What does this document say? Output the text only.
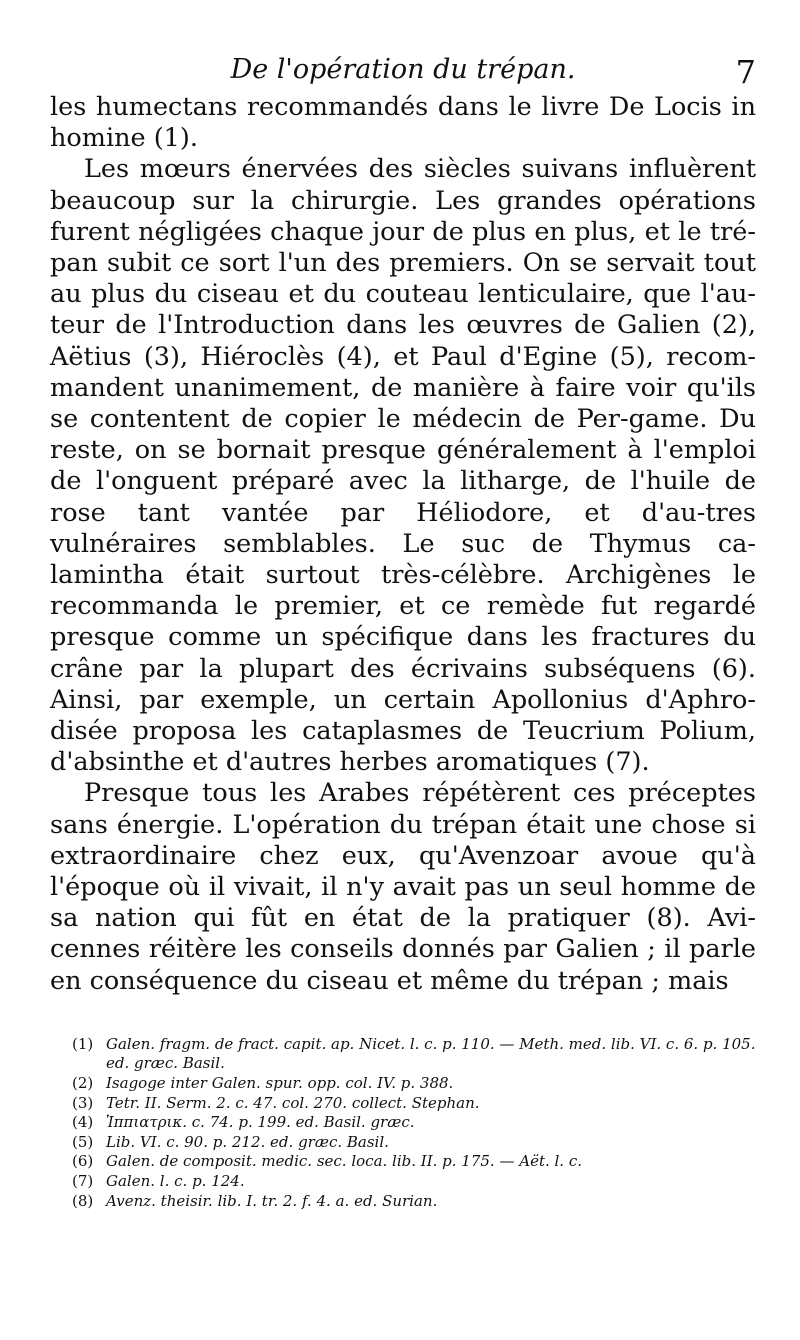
De l'opération du trépan.	7

les humectans recommandés dans le livre De Locis in homine (1).

Les mœurs énervées des siècles suivans influèrent beaucoup sur la chirurgie. Les grandes opérations furent négligées chaque jour de plus en plus, et le tré-pan subit ce sort l'un des premiers. On se servait tout au plus du ciseau et du couteau lenticulaire, que l'au-teur de l'Introduction dans les œuvres de Galien (2), Aëtius (3), Hiéroclès (4), et Paul d'Egine (5), recom-mandent unanimement, de manière à faire voir qu'ils se contentent de copier le médecin de Per-game. Du reste, on se bornait presque généralement à l'emploi de l'onguent préparé avec la litharge, de l'huile de rose tant vantée par Héliodore, et d'au-tres vulnéraires semblables. Le suc de Thymus ca-lamintha était surtout très-célèbre. Archigènes le recommanda le premier, et ce remède fut regardé presque comme un spécifique dans les fractures du crâne par la plupart des écrivains subséquens (6). Ainsi, par exemple, un certain Apollonius d'Aphro-disée proposa les cataplasmes de Teucrium Polium, d'absinthe et d'autres herbes aromatiques (7).

Presque tous les Arabes répétèrent ces préceptes sans énergie. L'opération du trépan était une chose si extraordinaire chez eux, qu'Avenzoar avoue qu'à l'époque où il vivait, il n'y avait pas un seul homme de sa nation qui fût en état de la pratiquer (8). Avi-cennes réitère les conseils donnés par Galien ; il parle en conséquence du ciseau et même du trépan ; mais

(1) Galen. fragm. de fract. capit. ap. Nicet. l. c. p. 110. — Meth. med. lib. VI. c. 6. p. 105. ed. græc. Basil.
(2) Isagoge inter Galen. spur. opp. col. IV. p. 388.
(3) Tetr. II. Serm. 2. c. 47. col. 270. collect. Stephan.
(4) Ἱππιατρικ. c. 74. p. 199. ed. Basil. græc.
(5) Lib. VI. c. 90. p. 212. ed. græc. Basil.
(6) Galen. de composit. medic. sec. loca. lib. II. p. 175. — Aët. l. c.
(7) Galen. l. c. p. 124.
(8) Avenz. theisir. lib. I. tr. 2. f. 4. a. ed. Surian.
